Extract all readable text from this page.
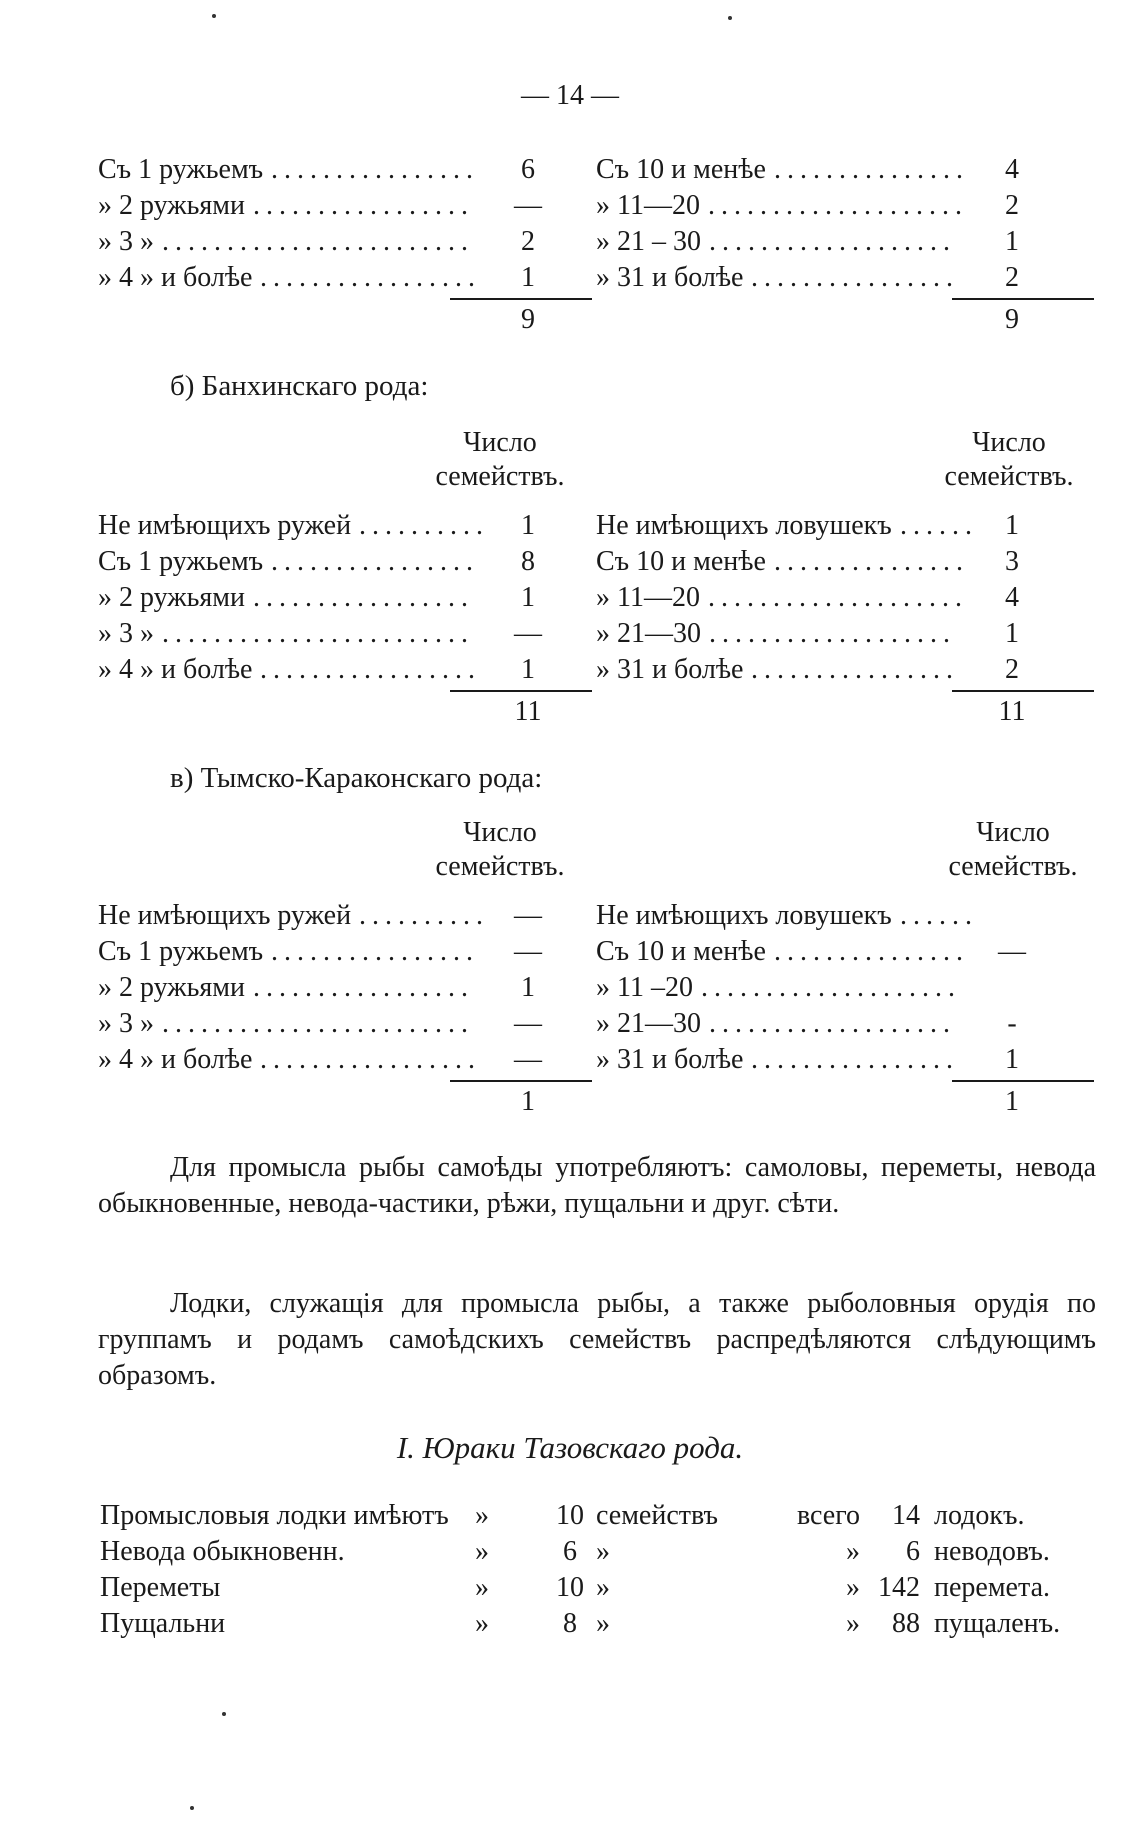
— 14 —
Съ 1 ружьемъ ................	6
» 2 ружьями ................. —
» 3 » ........................	2
» 4 » и болѣе .................	1
9
Съ 10 и менѣе ...............	4
» 11—20 ....................	2
» 21 – 30 ...................	1
» 31 и болѣе ................	2
9
б) Банхинскаго рода:
Число
семействъ.
Число
семействъ.
Не имѣющихъ ружей ..........	1
Съ 1 ружьемъ ................	8
» 2 ружьями .................	1
» 3 » ........................ —
» 4 » и болѣе .................	1
11
Не имѣющихъ ловушекъ ...... 1
Съ 10 и менѣе ...............	3
» 11—20 ....................	4
» 21—30 ...................	1
» 31 и болѣе ................	2
11
в) Тымско-Караконскаго рода:
Число
семействъ.
Число
семействъ.
Не имѣющихъ ружей .......... —
Съ 1 ружьемъ ................ —
» 2 ружьями .................	1
» 3 » ........................ —
» 4 » и болѣе ................. —
1
Не имѣющихъ ловушекъ ......
Съ 10 и менѣе ............... —
» 11 –20 ....................
» 21—30 ...................	-
» 31 и болѣе ................	1
1
Для промысла рыбы самоѣды употребляютъ: самоловы, переметы, невода обыкновенные, невода-частики, рѣжи, пущальни и друг. сѣти.
Лодки, служащія для промысла рыбы, а также рыболовныя орудія по группамъ и родамъ самоѣдскихъ семействъ распредѣляются слѣдующимъ образомъ.
I. Юраки Тазовскаго рода.
Промысловыя лодки имѣютъ »	10 семействъ	всего	14 лодокъ.
Невода обыкновенн.	»	6 »	»	6 неводовъ.
Переметы	»	10 »	» 142 перемета.
Пущальни	»	8 »	»	88 пущаленъ.
